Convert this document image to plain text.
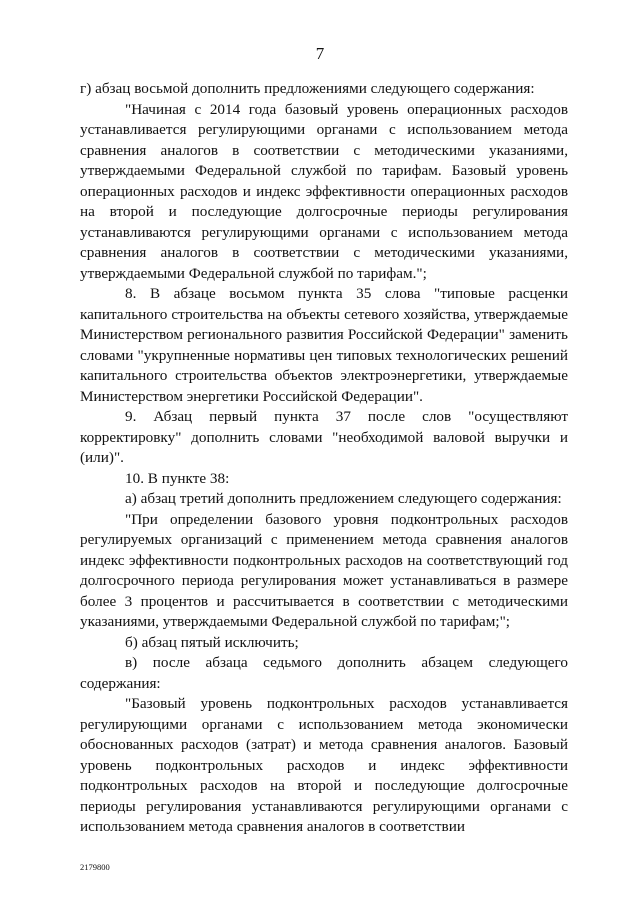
7

г) абзац восьмой дополнить предложениями следующего содержания:

"Начиная с 2014 года базовый уровень операционных расходов устанавливается регулирующими органами с использованием метода сравнения аналогов в соответствии с методическими указаниями, утверждаемыми Федеральной службой по тарифам. Базовый уровень операционных расходов и индекс эффективности операционных расходов на второй и последующие долгосрочные периоды регулирования устанавливаются регулирующими органами с использованием метода сравнения аналогов в соответствии с методическими указаниями, утверждаемыми Федеральной службой по тарифам.";

8. В абзаце восьмом пункта 35 слова "типовые расценки капитального строительства на объекты сетевого хозяйства, утверждаемые Министерством регионального развития Российской Федерации" заменить словами "укрупненные нормативы цен типовых технологических решений капитального строительства объектов электроэнергетики, утверждаемые Министерством энергетики Российской Федерации".

9. Абзац первый пункта 37 после слов "осуществляют корректировку" дополнить словами "необходимой валовой выручки и (или)".

10. В пункте 38:

а) абзац третий дополнить предложением следующего содержания:

"При определении базового уровня подконтрольных расходов регулируемых организаций с применением метода сравнения аналогов индекс эффективности подконтрольных расходов на соответствующий год долгосрочного периода регулирования может устанавливаться в размере более 3 процентов и рассчитывается в соответствии с методическими указаниями, утверждаемыми Федеральной службой по тарифам;";

б) абзац пятый исключить;

в) после абзаца седьмого дополнить абзацем следующего содержания:

"Базовый уровень подконтрольных расходов устанавливается регулирующими органами с использованием метода экономически обоснованных расходов (затрат) и метода сравнения аналогов. Базовый уровень подконтрольных расходов и индекс эффективности подконтрольных расходов на второй и последующие долгосрочные периоды регулирования устанавливаются регулирующими органами с использованием метода сравнения аналогов в соответствии

2179800
